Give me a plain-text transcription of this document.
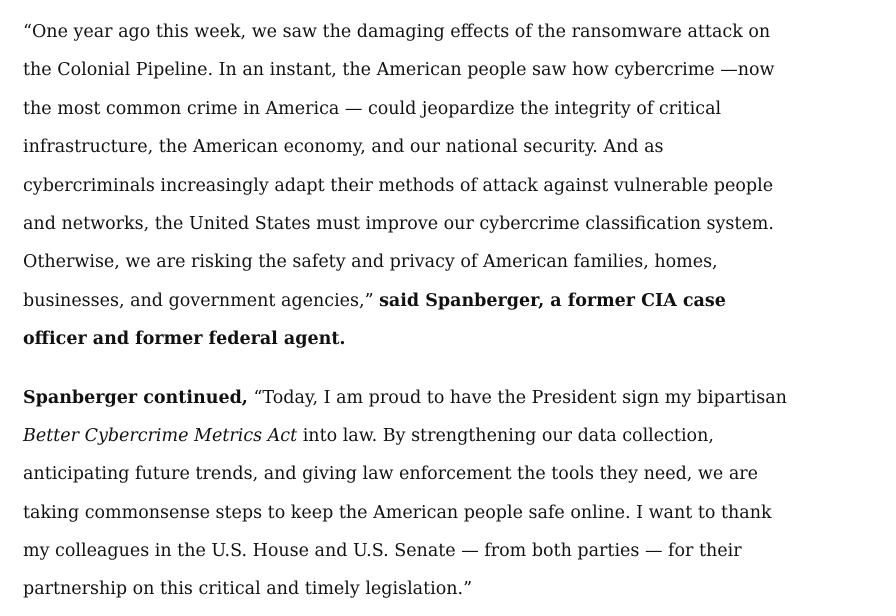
“One year ago this week, we saw the damaging effects of the ransomware attack on
the Colonial Pipeline. In an instant, the American people saw how cybercrime —now
the most common crime in America — could jeopardize the integrity of critical
infrastructure, the American economy, and our national security. And as
cybercriminals increasingly adapt their methods of attack against vulnerable people
and networks, the United States must improve our cybercrime classification system.
Otherwise, we are risking the safety and privacy of American families, homes,
businesses, and government agencies,” said Spanberger, a former CIA case
officer and former federal agent.
Spanberger continued, “Today, I am proud to have the President sign my bipartisan
Better Cybercrime Metrics Act into law. By strengthening our data collection,
anticipating future trends, and giving law enforcement the tools they need, we are
taking commonsense steps to keep the American people safe online. I want to thank
my colleagues in the U.S. House and U.S. Senate — from both parties — for their
partnership on this critical and timely legislation.”
